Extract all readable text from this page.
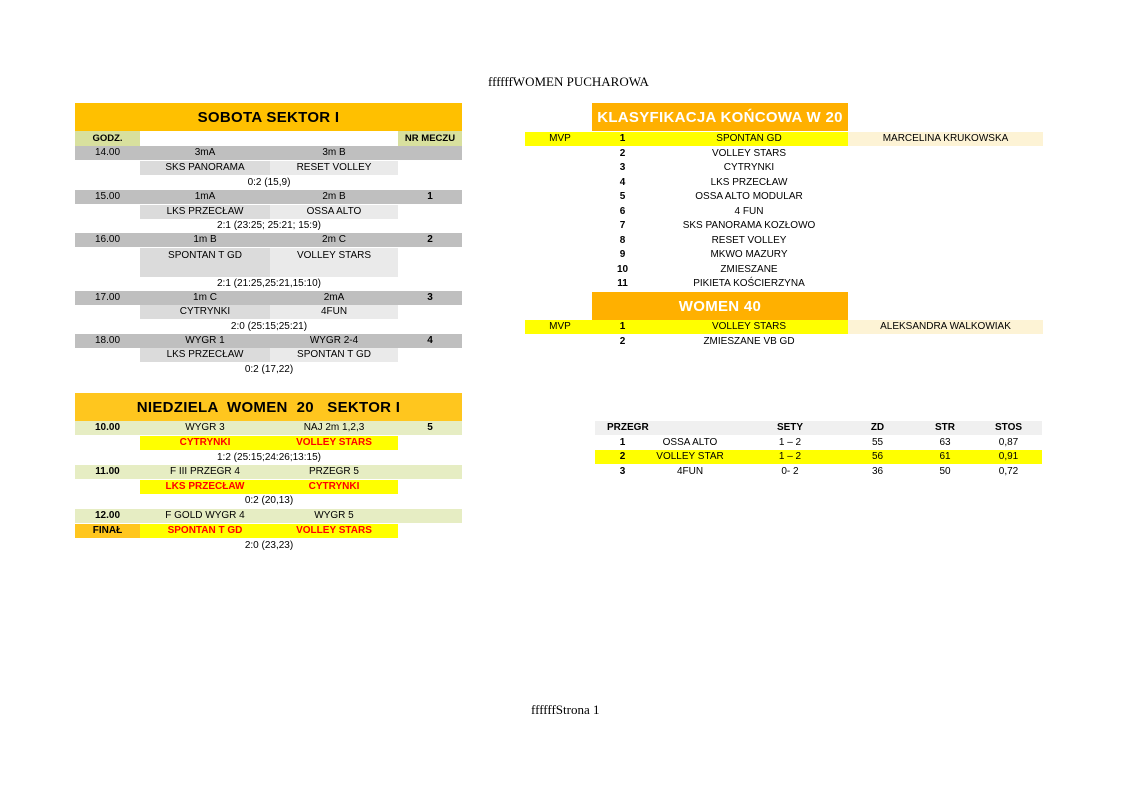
ffffffWOMEN PUCHAROWA
SOBOTA SEKTOR I
GODZ.	NR MECZU
14.00	3mA	3m B
SKS PANORAMA	RESET VOLLEY
0:2 (15,9)
15.00	1mA	2m B	1
LKS PRZECŁAW	OSSA ALTO
2:1 (23:25; 25:21; 15:9)
16.00	1m B	2m C	2
SPONTAN T GD	VOLLEY STARS
2:1 (21:25,25:21,15:10)
17.00	1m C	2mA	3
CYTRYNKI	4FUN
2:0 (25:15;25:21)
18.00	WYGR 1	WYGR 2-4	4
LKS PRZECŁAW	SPONTAN T GD
0:2 (17,22)
NIEDZIELA  WOMEN  20   SEKTOR I
10.00	WYGR 3	NAJ 2m 1,2,3	5
CYTRYNKI	VOLLEY STARS
1:2 (25:15;24:26;13:15)
11.00	F III PRZEGR 4	PRZEGR 5
LKS PRZECŁAW	CYTRYNKI
0:2 (20,13)
12.00	F GOLD WYGR 4	WYGR 5
FINAŁ	SPONTAN T GD	VOLLEY STARS
2:0 (23,23)
KLASYFIKACJA KOŃCOWA W 20
MVP	1	SPONTAN GD	MARCELINA KRUKOWSKA
2	VOLLEY STARS
3	CYTRYNKI
4	LKS PRZECŁAW
5	OSSA ALTO MODULAR
6	4 FUN
7	SKS PANORAMA KOZŁOWO
8	RESET VOLLEY
9	MKWO MAZURY
10	ZMIESZANE
11	PIKIETA KOŚCIERZYNA
WOMEN 40
MVP	1	VOLLEY STARS	ALEKSANDRA WALKOWIAK
2	ZMIESZANE VB GD
PRZEGR	SETY	ZD	STR	STOS
1	OSSA ALTO	1 – 2	55	63	0,87
2	VOLLEY STAR	1 – 2	56	61	0,91
3	4FUN	0- 2	36	50	0,72
ffffffStrona 1
